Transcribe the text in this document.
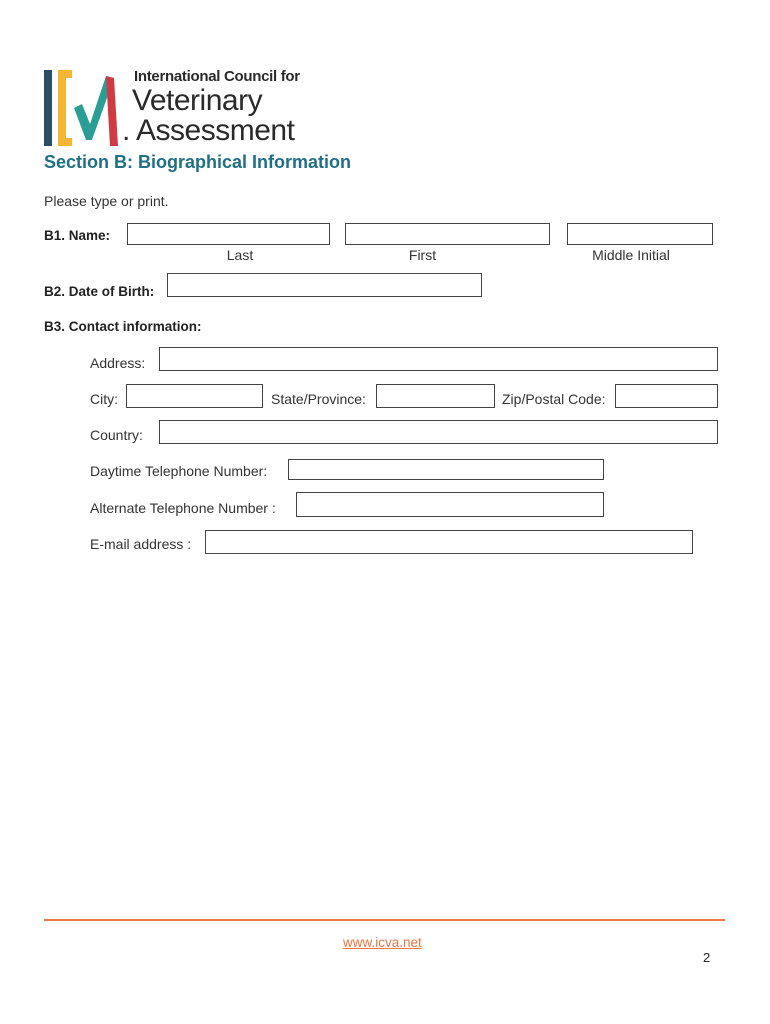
International Council for
Veterinary
. Assessment
Section B: Biographical Information
Please type or print.
B1. Name:
Last	First	Middle Initial
B2. Date of Birth:
B3. Contact information:
Address:
City:	State/Province:	Zip/Postal Code:
Country:
Daytime Telephone Number:
Alternate Telephone Number :
E-mail address :
www.icva.net
2
